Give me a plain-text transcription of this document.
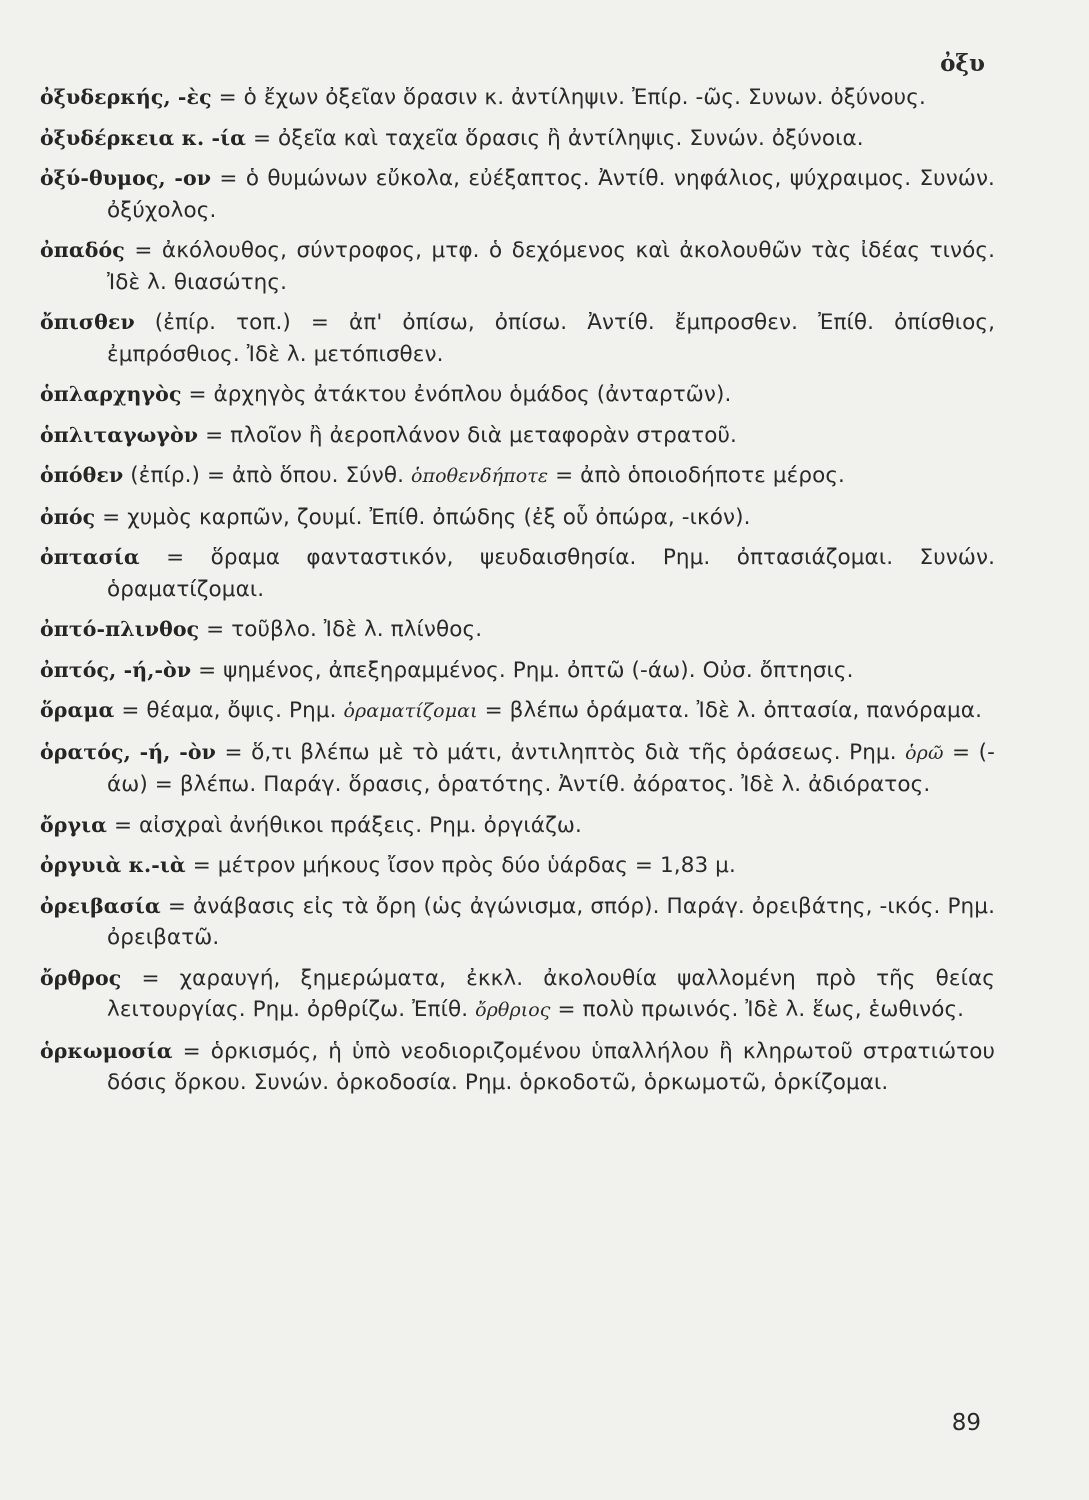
ὀξυ

ὀξυδερκής, -ὲς = ὁ ἔχων ὀξεῖαν ὅρασιν κ. ἀντίληψιν. Ἐπίρ. -ῶς. Συνων. ὀξύνους.

ὀξυδέρκεια κ. -ία = ὀξεῖα καὶ ταχεῖα ὅρασις ἢ ἀντίληψις. Συνών. ὀξύνοια.

ὀξύ-θυμος, -ον = ὁ θυμώνων εὔκολα, εὐέξαπτος. Ἀντίθ. νηφάλιος, ψύχραιμος. Συνών. ὀξύχολος.

ὀπαδός = ἀκόλουθος, σύντροφος, μτφ. ὁ δεχόμενος καὶ ἀκολουθῶν τὰς ἰδέας τινός. Ἰδὲ λ. θιασώτης.

ὄπισθεν (ἐπίρ. τοπ.) = ἀπ' ὀπίσω, ὀπίσω. Ἀντίθ. ἔμπροσθεν. Ἐπίθ. ὀπίσθιος, ἐμπρόσθιος. Ἰδὲ λ. μετόπισθεν.

ὁπλαρχηγὸς = ἀρχηγὸς ἀτάκτου ἐνόπλου ὁμάδος (ἀνταρτῶν).

ὁπλιταγωγὸν = πλοῖον ἢ ἀεροπλάνον διὰ μεταφορὰν στρατοῦ.

ὁπόθεν (ἐπίρ.) = ἀπὸ ὅπου. Σύνθ. ὁποθενδήποτε = ἀπὸ ὁποιοδήποτε μέρος.

ὀπός = χυμὸς καρπῶν, ζουμί. Ἐπίθ. ὀπώδης (ἐξ οὗ ὀπώρα, -ικόν).

ὀπτασία = ὅραμα φανταστικόν, ψευδαισθησία. Ρημ. ὀπτασιάζομαι. Συνών. ὁραματίζομαι.

ὀπτό-πλινθος = τοῦβλο. Ἰδὲ λ. πλίνθος.

ὀπτός, -ή,-ὸν = ψημένος, ἀπεξηραμμένος. Ρημ. ὀπτῶ (-άω). Οὐσ. ὄπτησις.

ὅραμα = θέαμα, ὄψις. Ρημ. ὁραματίζομαι = βλέπω ὁράματα. Ἰδὲ λ. ὀπτασία, πανόραμα.

ὁρατός, -ή, -ὸν = ὅ,τι βλέπω μὲ τὸ μάτι, ἀντιληπτὸς διὰ τῆς ὁράσεως. Ρημ. ὁρῶ = (-άω) = βλέπω. Παράγ. ὅρασις, ὁρατότης. Ἀντίθ. ἀόρατος. Ἰδὲ λ. ἀδιόρατος.

ὄργια = αἰσχραὶ ἀνήθικοι πράξεις. Ρημ. ὀργιάζω.

ὀργυιὰ κ.-ιὰ = μέτρον μήκους ἴσον πρὸς δύο ὑάρδας = 1,83 μ.

ὀρειβασία = ἀνάβασις εἰς τὰ ὄρη (ὡς ἀγώνισμα, σπόρ). Παράγ. ὀρειβάτης, -ικός. Ρημ. ὀρειβατῶ.

ὄρθρος = χαραυγή, ξημερώματα, ἐκκλ. ἀκολουθία ψαλλομένη πρὸ τῆς θείας λειτουργίας. Ρημ. ὀρθρίζω. Ἐπίθ. ὄρθριος = πολὺ πρωινός. Ἰδὲ λ. ἕως, ἑωθινός.

ὁρκωμοσία = ὁρκισμός, ἡ ὑπὸ νεοδιοριζομένου ὑπαλλήλου ἢ κληρωτοῦ στρατιώτου δόσις ὅρκου. Συνών. ὁρκοδοσία. Ρημ. ὁρκοδοτῶ, ὁρκωμοτῶ, ὁρκίζομαι.

89
